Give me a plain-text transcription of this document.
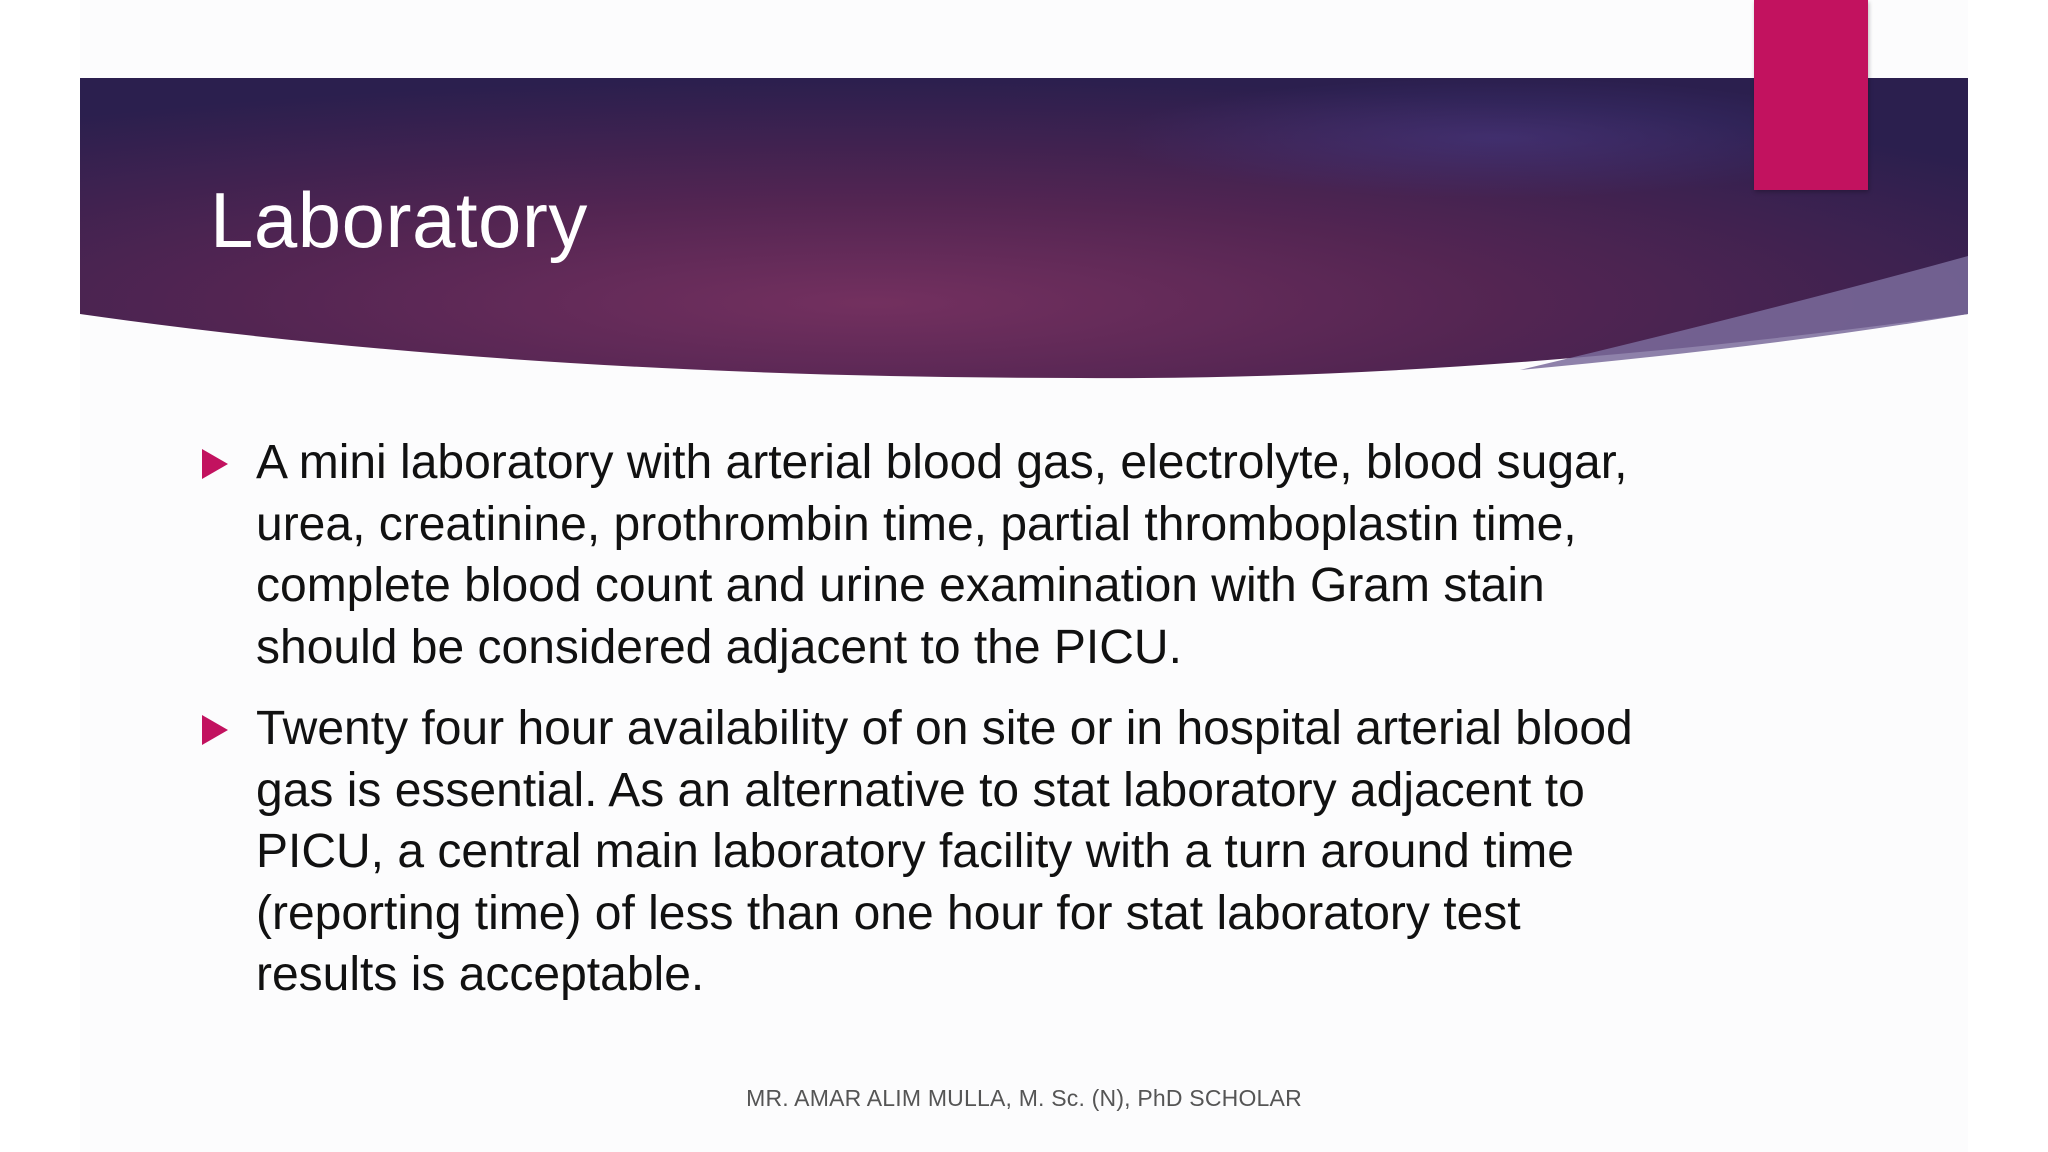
Laboratory
A mini laboratory with arterial blood gas, electrolyte, blood sugar, urea, creatinine, prothrombin time, partial thromboplastin time, complete blood count and urine examination with Gram stain should be considered adjacent to the PICU.
Twenty four hour availability of on site or in hospital arterial blood gas is essential. As an alternative to stat laboratory adjacent to PICU, a central main laboratory facility with a turn around time (reporting time) of less than one hour for stat laboratory test results is acceptable.
MR. AMAR ALIM MULLA, M. Sc. (N), PhD SCHOLAR
